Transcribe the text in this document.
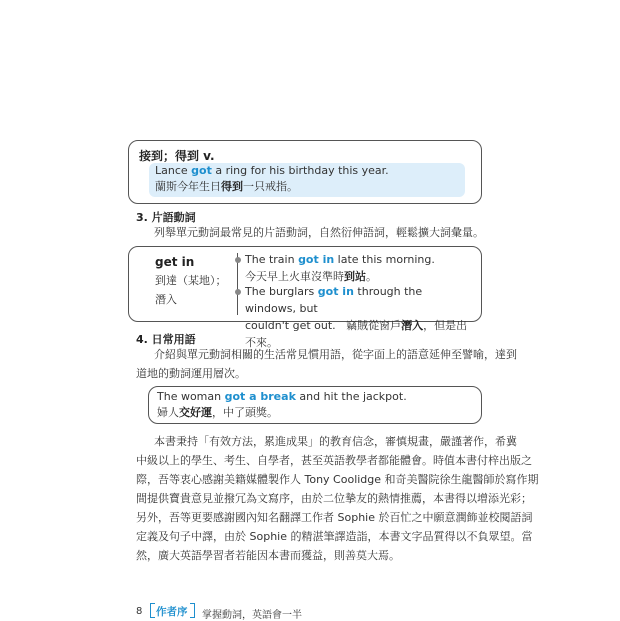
接到；得到 v.
Lance got a ring for his birthday this year.
蘭斯今年生日得到一只戒指。
3. 片語動詞
列舉單元動詞最常見的片語動詞，自然衍伸語詞，輕鬆擴大詞彙量。
get in
到達（某地）；
潛入
The train got in late this morning.
今天早上火車沒準時到站。
The burglars got in through the windows, but
couldn't get out. 竊賊從窗戶潛入，但是出不來。
4. 日常用語
介紹與單元動詞相關的生活常見慣用語，從字面上的語意延伸至譬喻，達到
道地的動詞運用層次。
The woman got a break and hit the jackpot.
婦人交好運，中了頭獎。
本書秉持「有效方法，累進成果」的教育信念，審慎規畫，嚴謹著作，希冀
中級以上的學生、考生、自學者，甚至英語教學者都能體會。時值本書付梓出版之
際，吾等衷心感謝美籍媒體製作人 Tony Coolidge 和奇美醫院徐生龍醫師於寫作期
間提供寶貴意見並撥冗為文寫序，由於二位摯友的熱情推薦，本書得以增添光彩；
另外，吾等更要感謝國內知名翻譯工作者 Sophie 於百忙之中願意潤飾並校閱語詞
定義及句子中譯，由於 Sophie 的精湛筆譯造詣，本書文字品質得以不負眾望。當
然，廣大英語學習者若能因本書而獲益，則善莫大焉。
8 作者序 掌握動詞，英語會一半
